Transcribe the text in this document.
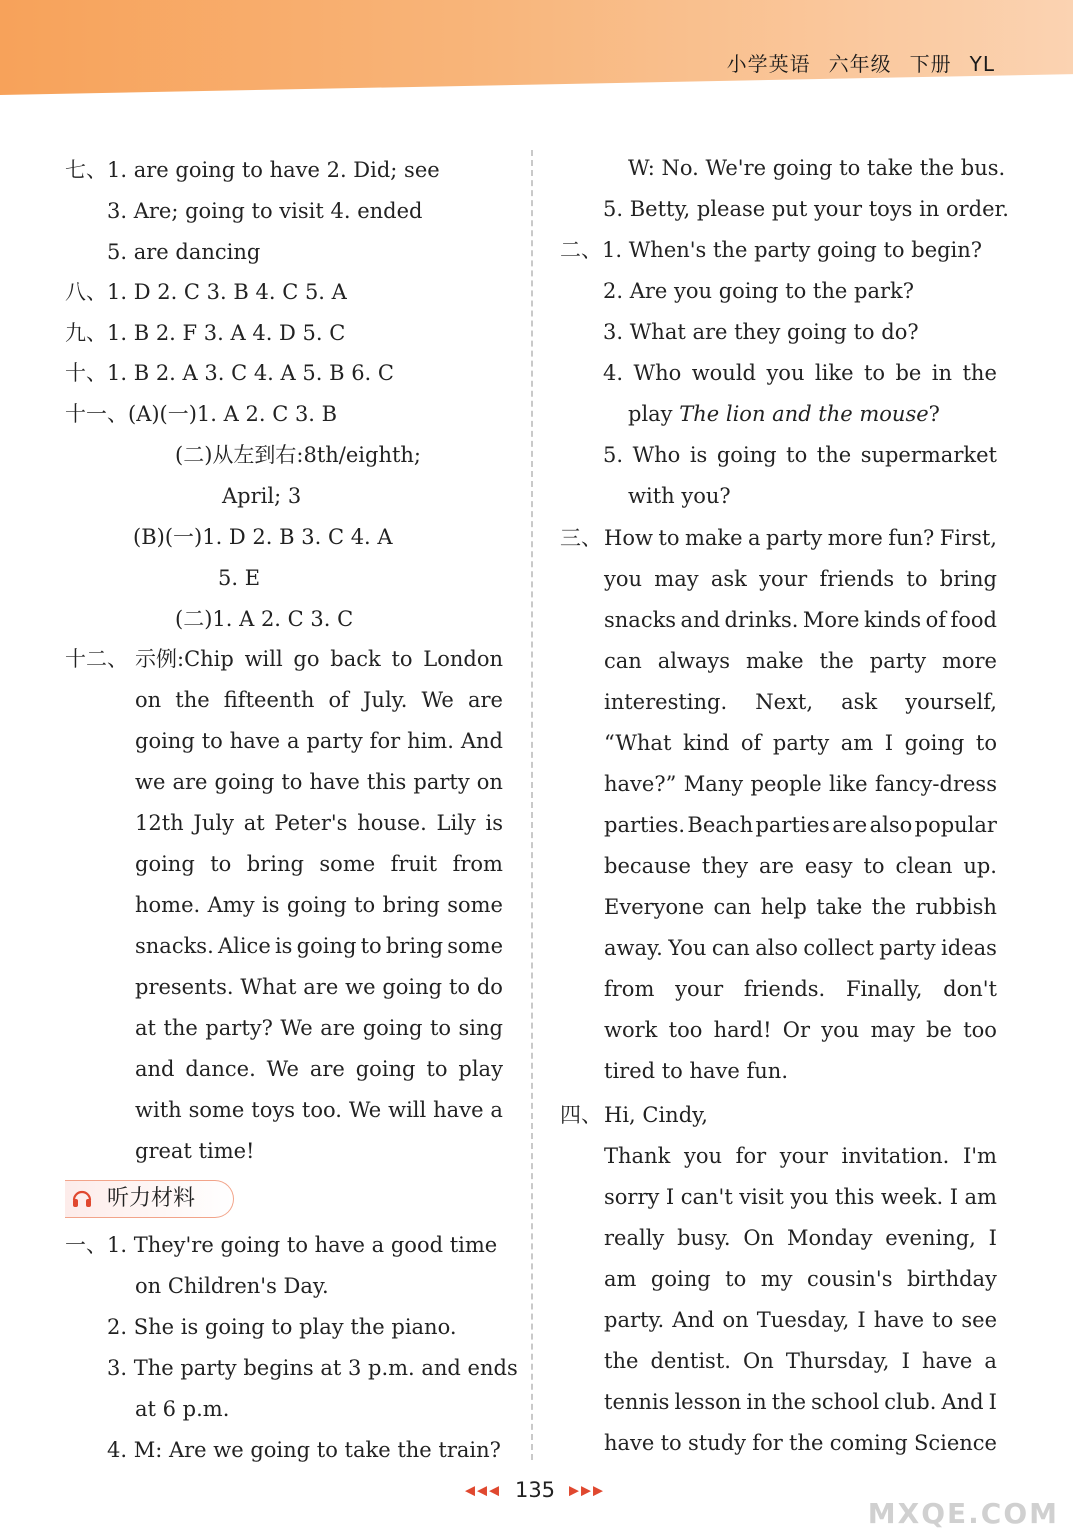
小学英语 六年级 下册 YL
七、1. are going to have 2. Did; see
3. Are; going to visit 4. ended
5. are dancing
八、1. D 2. C 3. B 4. C 5. A
九、1. B 2. F 3. A 4. D 5. C
十、1. B 2. A 3. C 4. A 5. B 6. C
十一、(A)(一)1. A 2. C 3. B
(二)从左到右:8th/eighth;
April; 3
(B)(一)1. D 2. B 3. C 4. A
5. E
(二)1. A 2. C 3. C
十二、 示例:Chip will go back to London
on the fifteenth of July. We are
going to have a party for him. And
we are going to have this party on
12th July at Peter's house. Lily is
going to bring some fruit from
home. Amy is going to bring some
snacks. Alice is going to bring some
presents. What are we going to do
at the party? We are going to sing
and dance. We are going to play
with some toys too. We will have a
great time!
听力材料
一、1. They're going to have a good time
on Children's Day.
2. She is going to play the piano.
3. The party begins at 3 p.m. and ends
at 6 p.m.
4. M: Are we going to take the train?
W: No. We're going to take the bus.
5. Betty, please put your toys in order.
二、1. When's the party going to begin?
2. Are you going to the park?
3. What are they going to do?
4. Who would you like to be in the
play The lion and the mouse?
5. Who is going to the supermarket
with you?
三、 How to make a party more fun? First,
you may ask your friends to bring
snacks and drinks. More kinds of food
can always make the party more
interesting. Next, ask yourself,
“What kind of party am I going to
have?” Many people like fancy-dress
parties. Beach parties are also popular
because they are easy to clean up.
Everyone can help take the rubbish
away. You can also collect party ideas
from your friends. Finally, don't
work too hard! Or you may be too
tired to have fun.
四、 Hi, Cindy,
Thank you for your invitation. I'm
sorry I can't visit you this week. I am
really busy. On Monday evening, I
am going to my cousin's birthday
party. And on Tuesday, I have to see
the dentist. On Thursday, I have a
tennis lesson in the school club. And I
have to study for the coming Science
◀◀◀ 135 ▶▶▶
MXQE.COM
